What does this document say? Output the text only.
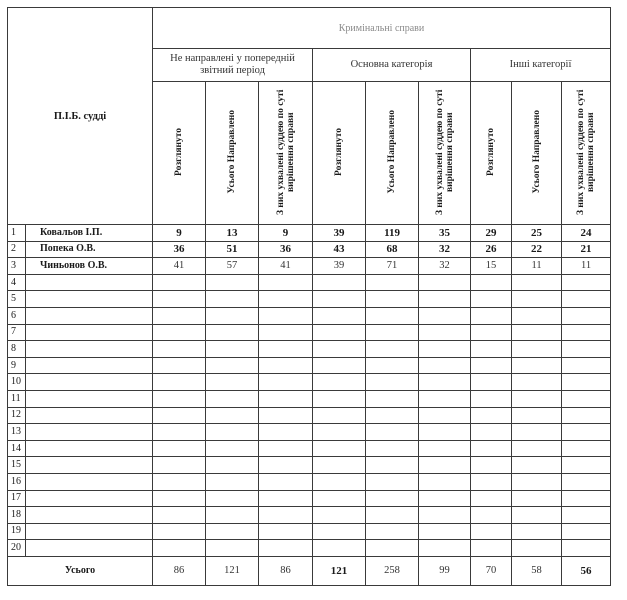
П.І.Б. судді		Кримінальні справи								
		Не направлені у попередній звітний період			Основна категорія			Інші категорії		
		Розглянуто	Усього Направлено	З них ухвалені суддею по суті вирішення справи	Розглянуто	Усього Направлено	З них ухвалені суддею по суті вирішення справи	Розглянуто	Усього Направлено	З них ухвалені суддею по суті вирішення справи
1	Ковальов І.П.	9	13	9	39	119	35	29	25	24
2	Попека О.В.	36	51	36	43	68	32	26	22	21
3	Чиньонов О.В.	41	57	41	39	71	32	15	11	11
4										
5										
6										
7										
8										
9										
10										
11										
12										
13										
14										
15										
16										
17										
18										
19										
20										
Усього		86	121	86	121	258	99	70	58	56
